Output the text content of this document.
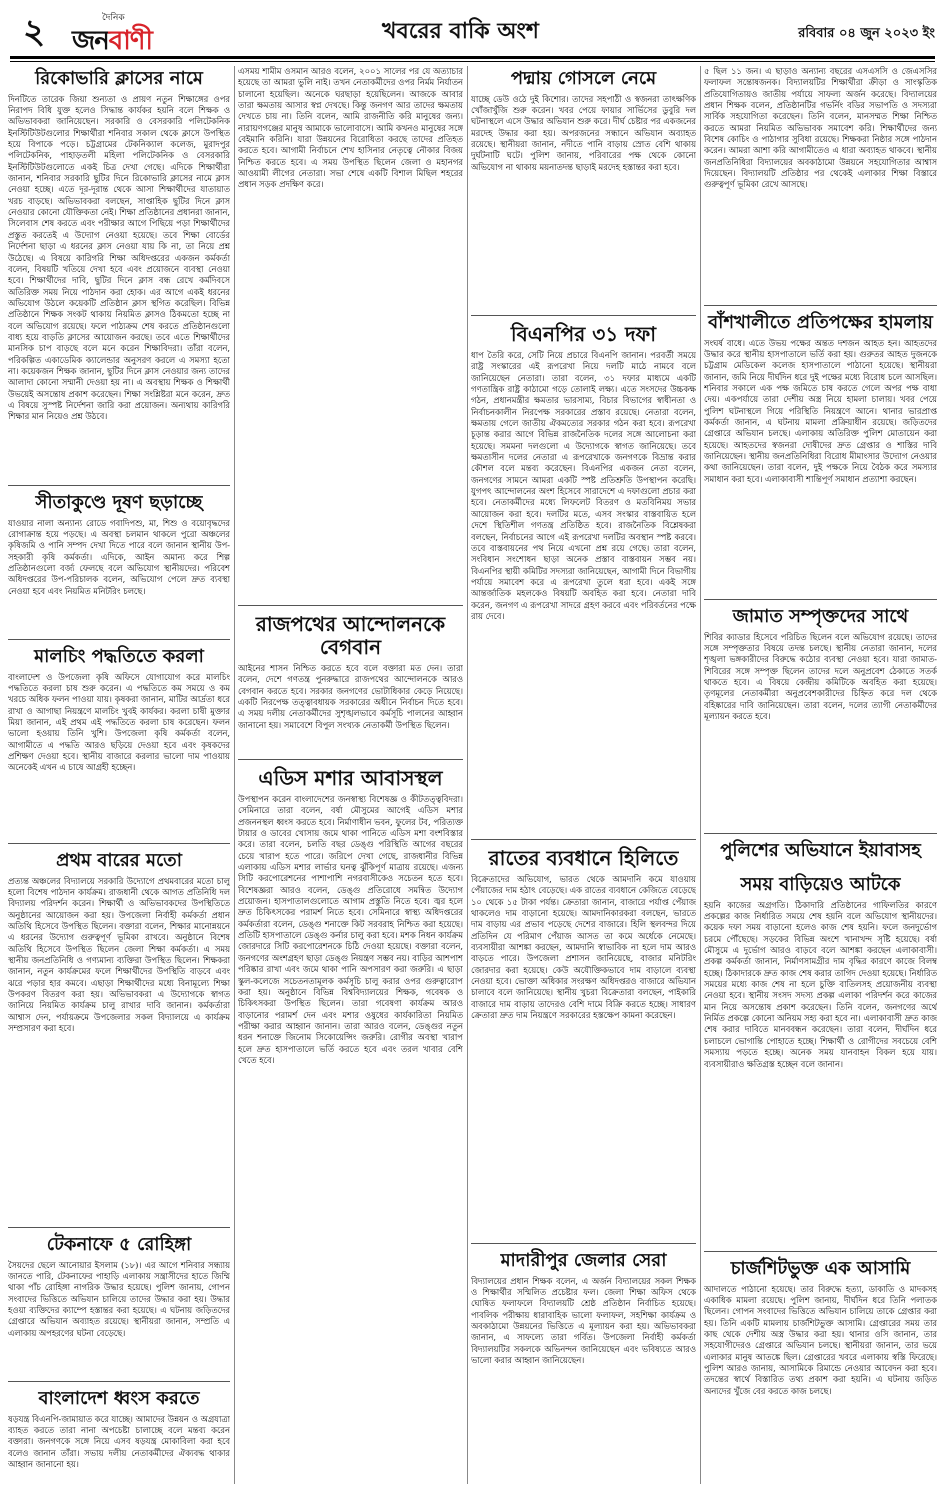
২	দৈনিক
জনবাণী	খবরের বাকি অংশ	রবিবার ০৪ জুন ২০২৩ ইং
রিকোভারি ক্লাসের নামে
দিনটিতে তারেক জিয়া শুন্যতা ও প্রায়ণ নতুন শিক্ষাঙ্গের ওপর নিরাপদ বিধি যুক্ত হলেও সিদ্ধান্ত কার্যকর হয়নি বলে শিক্ষক ও অভিভাবকরা জানিয়েছেন। সরকারি ও বেসরকারি পলিটেকনিক ইনস্টিটিউটগুলোর শিক্ষার্থীরা শনিবার সকাল থেকে ক্লাসে উপস্থিত হয়ে বিপাকে পড়ে। চট্টগ্রামের টেকনিক্যাল কলেজ, মুরাদপুর পলিটেকনিক, পাহাড়তলী মহিলা পলিটেকনিক ও বেসরকারি ইনস্টিটিউটগুলোতে একই চিত্র দেখা গেছে। এদিকে শিক্ষার্থীরা জানান, শনিবার সরকারি ছুটির দিনে রিকোভারি ক্লাসের নামে ক্লাস নেওয়া হচ্ছে। এতে দূর-দূরান্ত থেকে আসা শিক্ষার্থীদের যাতায়াত খরচ বাড়ছে। অভিভাবকরা বলছেন, সাপ্তাহিক ছুটির দিনে ক্লাস নেওয়ার কোনো যৌক্তিকতা নেই। শিক্ষা প্রতিষ্ঠানের প্রধানরা জানান, সিলেবাস শেষ করতে এবং পরীক্ষার আগে পিছিয়ে পড়া শিক্ষার্থীদের প্রস্তুত করতেই এ উদ্যোগ নেওয়া হয়েছে। তবে শিক্ষা বোর্ডের নির্দেশনা ছাড়া এ ধরনের ক্লাস নেওয়া যায় কি না, তা নিয়ে প্রশ্ন উঠেছে। এ বিষয়ে কারিগরি শিক্ষা অধিদপ্তরের একজন কর্মকর্তা বলেন, বিষয়টি খতিয়ে দেখা হবে এবং প্রয়োজনে ব্যবস্থা নেওয়া হবে। শিক্ষার্থীদের দাবি, ছুটির দিনে ক্লাস বন্ধ রেখে কর্মদিবসে অতিরিক্ত সময় নিয়ে পাঠদান করা হোক। এর আগে একই ধরনের অভিযোগ উঠলে কয়েকটি প্রতিষ্ঠান ক্লাস স্থগিত করেছিল। বিভিন্ন প্রতিষ্ঠানে শিক্ষক সংকট থাকায় নিয়মিত ক্লাসও ঠিকমতো হচ্ছে না বলে অভিযোগ রয়েছে। ফলে পাঠ্যক্রম শেষ করতে প্রতিষ্ঠানগুলো বাধ্য হয়ে বাড়তি ক্লাসের আয়োজন করছে। তবে এতে শিক্ষার্থীদের মানসিক চাপ বাড়ছে বলে মনে করেন শিক্ষাবিদরা। তাঁরা বলেন, পরিকল্পিত একাডেমিক ক্যালেন্ডার অনুসরণ করলে এ সমস্যা হতো না। কয়েকজন শিক্ষক জানান, ছুটির দিনে ক্লাস নেওয়ার জন্য তাদের আলাদা কোনো সম্মানী দেওয়া হয় না। এ অবস্থায় শিক্ষক ও শিক্ষার্থী উভয়েই অসন্তোষ প্রকাশ করেছেন। শিক্ষা সংশ্লিষ্টরা মনে করেন, দ্রুত এ বিষয়ে সুস্পষ্ট নির্দেশনা জারি করা প্রয়োজন। অন্যথায় কারিগরি শিক্ষার মান নিয়েও প্রশ্ন উঠবে।
সীতাকুণ্ডে দূষণ ছড়াচ্ছে
যাওয়ার নালা অন্যান্য রোডে গবাদিপশু, মা, শিশু ও বয়োবৃদ্ধদের রোগাক্রান্ত হয়ে পড়ছে। এ অবস্থা চলমান থাকলে পুরো অঞ্চলের কৃষিজমি ও পানি সম্পদ দেখা দিতে পারে বলে জানান স্থানীয় উপ-সহকারী কৃষি কর্মকর্তা। এদিকে, আইন অমান্য করে শিল্প প্রতিষ্ঠানগুলো বর্জ্য ফেলছে বলে অভিযোগ স্থানীয়দের। পরিবেশ অধিদপ্তরের উপ-পরিচালক বলেন, অভিযোগ পেলে দ্রুত ব্যবস্থা নেওয়া হবে এবং নিয়মিত মনিটরিং চলছে।
মালচিং পদ্ধতিতে করলা
বাংলাদেশ ও উপজেলা কৃষি অফিসে যোগাযোগ করে মালচিং পদ্ধতিতে করলা চাষ শুরু করেন। এ পদ্ধতিতে কম সময়ে ও কম খরচে অধিক ফলন পাওয়া যায়। কৃষকরা জানান, মাটির আর্দ্রতা ধরে রাখা ও আগাছা নিয়ন্ত্রণে মালচিং খুবই কার্যকর। করলা চাষী মুক্তার মিয়া জানান, এই প্রথম এই পদ্ধতিতে করলা চাষ করেছেন। ফলন ভালো হওয়ায় তিনি খুশি। উপজেলা কৃষি কর্মকর্তা বলেন, আগামীতে এ পদ্ধতি আরও ছড়িয়ে দেওয়া হবে এবং কৃষকদের প্রশিক্ষণ দেওয়া হবে। স্থানীয় বাজারে করলার ভালো দাম পাওয়ায় অনেকেই এখন এ চাষে আগ্রহী হচ্ছেন।
প্রথম বারের মতো
প্রত্যন্ত অঞ্চলের বিদ্যালয়ে সরকারি উদ্যোগে প্রথমবারের মতো চালু হলো বিশেষ পাঠদান কার্যক্রম। রাজধানী থেকে আগত প্রতিনিধি দল বিদ্যালয় পরিদর্শন করেন। শিক্ষার্থী ও অভিভাবকদের উপস্থিতিতে অনুষ্ঠানের আয়োজন করা হয়। উপজেলা নির্বাহী কর্মকর্তা প্রধান অতিথি হিসেবে উপস্থিত ছিলেন। বক্তারা বলেন, শিক্ষার মানোন্নয়নে এ ধরনের উদ্যোগ গুরুত্বপূর্ণ ভূমিকা রাখবে। অনুষ্ঠানে বিশেষ অতিথি হিসেবে উপস্থিত ছিলেন জেলা শিক্ষা কর্মকর্তা। এ সময় স্থানীয় জনপ্রতিনিধি ও গণ্যমান্য ব্যক্তিরা উপস্থিত ছিলেন। শিক্ষকরা জানান, নতুন কার্যক্রমের ফলে শিক্ষার্থীদের উপস্থিতি বাড়বে এবং ঝরে পড়ার হার কমবে। এছাড়া শিক্ষার্থীদের মধ্যে বিনামূল্যে শিক্ষা উপকরণ বিতরণ করা হয়। অভিভাবকরা এ উদ্যোগকে স্বাগত জানিয়ে নিয়মিত কার্যক্রম চালু রাখার দাবি জানান। কর্মকর্তারা আশ্বাস দেন, পর্যায়ক্রমে উপজেলার সকল বিদ্যালয়ে এ কার্যক্রম সম্প্রসারণ করা হবে।
টেকনাফে ৫ রোহিঙ্গা
সৈয়দের ছেলে আনোয়ার ইসলাম (১৮)। এর আগে শনিবার সন্ধ্যায় জানতে পারি, টেকনাফের পাহাড়ি এলাকায় সন্ত্রাসীদের হাতে জিম্মি থাকা পাঁচ রোহিঙ্গা নাগরিক উদ্ধার হয়েছে। পুলিশ জানায়, গোপন সংবাদের ভিত্তিতে অভিযান চালিয়ে তাদের উদ্ধার করা হয়। উদ্ধার হওয়া ব্যক্তিদের ক্যাম্পে হস্তান্তর করা হয়েছে। এ ঘটনায় জড়িতদের গ্রেপ্তারে অভিযান অব্যাহত রয়েছে। স্থানীয়রা জানান, সম্প্রতি এ এলাকায় অপহরণের ঘটনা বেড়েছে।
বাংলাদেশ ধ্বংস করতে
ষড়যন্ত্র বিএনপি-জামায়াত করে যাচ্ছে। আমাদের উন্নয়ন ও অগ্রযাত্রা ব্যাহত করতে তারা নানা অপচেষ্টা চালাচ্ছে বলে মন্তব্য করেন বক্তারা। জনগণকে সঙ্গে নিয়ে এসব ষড়যন্ত্র মোকাবিলা করা হবে বলেও জানান তাঁরা। সভায় দলীয় নেতাকর্মীদের ঐক্যবদ্ধ থাকার আহ্বান জানানো হয়।
এসময় শামীম ওসমান আরও বলেন, ২০০১ সালের পর যে অত্যাচার হয়েছে তা আমরা ভুলি নাই। তখন নেতাকর্মীদের ওপর নির্মম নির্যাতন চালানো হয়েছিল। অনেকে ঘরছাড়া হয়েছিলেন। আজকে আবার তারা ক্ষমতায় আসার স্বপ্ন দেখছে। কিন্তু জনগণ আর তাদের ক্ষমতায় দেখতে চায় না। তিনি বলেন, আমি রাজনীতি করি মানুষের জন্য। নারায়ণগঞ্জের মানুষ আমাকে ভালোবাসে। আমি কখনও মানুষের সঙ্গে বেইমানি করিনি। যারা উন্নয়নের বিরোধিতা করছে তাদের প্রতিহত করতে হবে। আগামী নির্বাচনে শেখ হাসিনার নেতৃত্বে নৌকার বিজয় নিশ্চিত করতে হবে। এ সময় উপস্থিত ছিলেন জেলা ও মহানগর আওয়ামী লীগের নেতারা। সভা শেষে একটি বিশাল মিছিল শহরের প্রধান সড়ক প্রদক্ষিণ করে।
রাজপথের আন্দোলনকে বেগবান
আইনের শাসন নিশ্চিত করতে হবে বলে বক্তারা মত দেন। তারা বলেন, দেশে গণতন্ত্র পুনরুদ্ধারে রাজপথের আন্দোলনকে আরও বেগবান করতে হবে। সরকার জনগণের ভোটাধিকার কেড়ে নিয়েছে। একটি নিরপেক্ষ তত্ত্বাবধায়ক সরকারের অধীনে নির্বাচন দিতে হবে। এ সময় দলীয় নেতাকর্মীদের সুশৃঙ্খলভাবে কর্মসূচি পালনের আহ্বান জানানো হয়। সমাবেশে বিপুল সংখ্যক নেতাকর্মী উপস্থিত ছিলেন।
এডিস মশার আবাসস্থল
উপস্থাপন করেন বাংলাদেশের জনস্বাস্থ্য বিশেষজ্ঞ ও কীটতত্ত্ববিদরা। সেমিনারে তারা বলেন, বর্ষা মৌসুমের আগেই এডিস মশার প্রজননস্থল ধ্বংস করতে হবে। নির্মাণাধীন ভবন, ফুলের টব, পরিত্যক্ত টায়ার ও ডাবের খোসায় জমে থাকা পানিতে এডিস মশা বংশবিস্তার করে। তারা বলেন, চলতি বছর ডেঙ্গু পরিস্থিতি আগের বছরের চেয়ে খারাপ হতে পারে। জরিপে দেখা গেছে, রাজধানীর বিভিন্ন এলাকায় এডিস মশার লার্ভার ঘনত্ব ঝুঁকিপূর্ণ মাত্রায় রয়েছে। এজন্য সিটি করপোরেশনের পাশাপাশি নগরবাসীকেও সচেতন হতে হবে। বিশেষজ্ঞরা আরও বলেন, ডেঙ্গু প্রতিরোধে সমন্বিত উদ্যোগ প্রয়োজন। হাসপাতালগুলোতে আগাম প্রস্তুতি নিতে হবে। জ্বর হলে দ্রুত চিকিৎসকের পরামর্শ নিতে হবে। সেমিনারে স্বাস্থ্য অধিদপ্তরের কর্মকর্তারা বলেন, ডেঙ্গু শনাক্তে কিট সরবরাহ নিশ্চিত করা হয়েছে। প্রতিটি হাসপাতালে ডেঙ্গু কর্নার চালু করা হবে। মশক নিধন কার্যক্রম জোরদারে সিটি করপোরেশনকে চিঠি দেওয়া হয়েছে। বক্তারা বলেন, জনগণের অংশগ্রহণ ছাড়া ডেঙ্গু নিয়ন্ত্রণ সম্ভব নয়। বাড়ির আশপাশ পরিষ্কার রাখা এবং জমে থাকা পানি অপসারণ করা জরুরি। এ ছাড়া স্কুল-কলেজে সচেতনতামূলক কর্মসূচি চালু করার ওপর গুরুত্বারোপ করা হয়। অনুষ্ঠানে বিভিন্ন বিশ্ববিদ্যালয়ের শিক্ষক, গবেষক ও চিকিৎসকরা উপস্থিত ছিলেন। তারা গবেষণা কার্যক্রম আরও বাড়ানোর পরামর্শ দেন এবং মশার ওষুধের কার্যকারিতা নিয়মিত পরীক্ষা করার আহ্বান জানান। তারা আরও বলেন, ডেঙ্গুর নতুন ধরন শনাক্তে জিনোম সিকোয়েন্সিং জরুরি। রোগীর অবস্থা খারাপ হলে দ্রুত হাসপাতালে ভর্তি করতে হবে এবং তরল খাবার বেশি খেতে হবে।
পদ্মায় গোসলে নেমে
যাচ্ছে ডেউ ওঠে দুই কিশোর। তাদের সহপাঠী ও স্বজনরা তাৎক্ষণিক খোঁজাখুঁজি শুরু করেন। খবর পেয়ে ফায়ার সার্ভিসের ডুবুরি দল ঘটনাস্থলে এসে উদ্ধার অভিযান শুরু করে। দীর্ঘ চেষ্টার পর একজনের মরদেহ উদ্ধার করা হয়। অপরজনের সন্ধানে অভিযান অব্যাহত রয়েছে। স্থানীয়রা জানান, নদীতে পানি বাড়ায় স্রোত বেশি থাকায় দুর্ঘটনাটি ঘটে। পুলিশ জানায়, পরিবারের পক্ষ থেকে কোনো অভিযোগ না থাকায় ময়নাতদন্ত ছাড়াই মরদেহ হস্তান্তর করা হবে।
বিএনপির ৩১ দফা
ধাপ তৈরি করে, সেটি নিয়ে প্রচারে বিএনপি জানান। পরবর্তী সময়ে রাষ্ট্র সংস্কারের এই রূপরেখা নিয়ে দলটি মাঠে নামবে বলে জানিয়েছেন নেতারা। তারা বলেন, ৩১ দফার মাধ্যমে একটি গণতান্ত্রিক রাষ্ট্র কাঠামো গড়ে তোলাই লক্ষ্য। এতে সংসদের উচ্চকক্ষ গঠন, প্রধানমন্ত্রীর ক্ষমতার ভারসাম্য, বিচার বিভাগের স্বাধীনতা ও নির্বাচনকালীন নিরপেক্ষ সরকারের প্রস্তাব রয়েছে। নেতারা বলেন, ক্ষমতায় গেলে জাতীয় ঐকমত্যের সরকার গঠন করা হবে। রূপরেখা চূড়ান্ত করার আগে বিভিন্ন রাজনৈতিক দলের সঙ্গে আলোচনা করা হয়েছে। সমমনা দলগুলো এ উদ্যোগকে স্বাগত জানিয়েছে। তবে ক্ষমতাসীন দলের নেতারা এ রূপরেখাকে জনগণকে বিভ্রান্ত করার কৌশল বলে মন্তব্য করেছেন। বিএনপির একজন নেতা বলেন, জনগণের সামনে আমরা একটি স্পষ্ট প্রতিশ্রুতি উপস্থাপন করেছি। যুগপৎ আন্দোলনের অংশ হিসেবে সারাদেশে এ দফাগুলো প্রচার করা হবে। নেতাকর্মীদের মধ্যে লিফলেট বিতরণ ও মতবিনিময় সভার আয়োজন করা হবে। দলটির মতে, এসব সংস্কার বাস্তবায়িত হলে দেশে স্থিতিশীল গণতন্ত্র প্রতিষ্ঠিত হবে। রাজনৈতিক বিশ্লেষকরা বলছেন, নির্বাচনের আগে এই রূপরেখা দলটির অবস্থান স্পষ্ট করবে। তবে বাস্তবায়নের পথ নিয়ে এখনো প্রশ্ন রয়ে গেছে। তারা বলেন, সংবিধান সংশোধন ছাড়া অনেক প্রস্তাব বাস্তবায়ন সম্ভব নয়। বিএনপির স্থায়ী কমিটির সদস্যরা জানিয়েছেন, আগামী দিনে বিভাগীয় পর্যায়ে সমাবেশ করে এ রূপরেখা তুলে ধরা হবে। একই সঙ্গে আন্তর্জাতিক মহলকেও বিষয়টি অবহিত করা হবে। নেতারা দাবি করেন, জনগণ এ রূপরেখা সাদরে গ্রহণ করবে এবং পরিবর্তনের পক্ষে রায় দেবে।
রাতের ব্যবধানে হিলিতে
বিক্রেতাদের অভিযোগ, ভারত থেকে আমদানি কমে যাওয়ায় পেঁয়াজের দাম হঠাৎ বেড়েছে। এক রাতের ব্যবধানে কেজিতে বেড়েছে ১০ থেকে ১৫ টাকা পর্যন্ত। ক্রেতারা জানান, বাজারে পর্যাপ্ত পেঁয়াজ থাকলেও দাম বাড়ানো হয়েছে। আমদানিকারকরা বলছেন, ভারতে দাম বাড়ায় এর প্রভাব পড়েছে দেশের বাজারে। হিলি স্থলবন্দর দিয়ে প্রতিদিন যে পরিমাণ পেঁয়াজ আসত তা কমে অর্ধেকে নেমেছে। ব্যবসায়ীরা আশঙ্কা করছেন, আমদানি স্বাভাবিক না হলে দাম আরও বাড়তে পারে। উপজেলা প্রশাসন জানিয়েছে, বাজার মনিটরিং জোরদার করা হয়েছে। কেউ অযৌক্তিকভাবে দাম বাড়ালে ব্যবস্থা নেওয়া হবে। ভোক্তা অধিকার সংরক্ষণ অধিদপ্তরও বাজারে অভিযান চালাবে বলে জানিয়েছে। স্থানীয় খুচরা বিক্রেতারা বলছেন, পাইকারি বাজারে দাম বাড়ায় তাদেরও বেশি দামে বিক্রি করতে হচ্ছে। সাধারণ ক্রেতারা দ্রুত দাম নিয়ন্ত্রণে সরকারের হস্তক্ষেপ কামনা করেছেন।
মাদারীপুর জেলার সেরা
বিদ্যালয়ের প্রধান শিক্ষক বলেন, এ অর্জন বিদ্যালয়ের সকল শিক্ষক ও শিক্ষার্থীর সম্মিলিত প্রচেষ্টার ফল। জেলা শিক্ষা অফিস থেকে ঘোষিত ফলাফলে বিদ্যালয়টি শ্রেষ্ঠ প্রতিষ্ঠান নির্বাচিত হয়েছে। পাবলিক পরীক্ষায় ধারাবাহিক ভালো ফলাফল, সহশিক্ষা কার্যক্রম ও অবকাঠামো উন্নয়নের ভিত্তিতে এ মূল্যায়ন করা হয়। অভিভাবকরা জানান, এ সাফল্যে তারা গর্বিত। উপজেলা নির্বাহী কর্মকর্তা বিদ্যালয়টির সকলকে অভিনন্দন জানিয়েছেন এবং ভবিষ্যতে আরও ভালো করার আহ্বান জানিয়েছেন।
৫ ছিল ১১ জন। এ ছাড়াও অন্যান্য বছরের এসএসসি ও জেএসসির ফলাফল সন্তোষজনক। বিদ্যালয়টির শিক্ষার্থীরা ক্রীড়া ও সাংস্কৃতিক প্রতিযোগিতায়ও জাতীয় পর্যায়ে সাফল্য অর্জন করেছে। বিদ্যালয়ের প্রধান শিক্ষক বলেন, প্রতিষ্ঠানটির গভর্নিং বডির সভাপতি ও সদস্যরা সার্বিক সহযোগিতা করেছেন। তিনি বলেন, মানসম্মত শিক্ষা নিশ্চিত করতে আমরা নিয়মিত অভিভাবক সমাবেশ করি। শিক্ষার্থীদের জন্য বিশেষ কোচিং ও পাঠাগার সুবিধা রয়েছে। শিক্ষকরা নিষ্ঠার সঙ্গে পাঠদান করেন। আমরা আশা করি আগামীতেও এ ধারা অব্যাহত থাকবে। স্থানীয় জনপ্রতিনিধিরা বিদ্যালয়ের অবকাঠামো উন্নয়নে সহযোগিতার আশ্বাস দিয়েছেন। বিদ্যালয়টি প্রতিষ্ঠার পর থেকেই এলাকার শিক্ষা বিস্তারে গুরুত্বপূর্ণ ভূমিকা রেখে আসছে।
বাঁশখালীতে প্রতিপক্ষের হামলায়
সংঘর্ষ বাধে। এতে উভয় পক্ষের অন্তত দশজন আহত হন। আহতদের উদ্ধার করে স্থানীয় হাসপাতালে ভর্তি করা হয়। গুরুতর আহত দুজনকে চট্টগ্রাম মেডিকেল কলেজ হাসপাতালে পাঠানো হয়েছে। স্থানীয়রা জানান, জমি নিয়ে দীর্ঘদিন ধরে দুই পক্ষের মধ্যে বিরোধ চলে আসছিল। শনিবার সকালে এক পক্ষ জমিতে চাষ করতে গেলে অপর পক্ষ বাধা দেয়। একপর্যায়ে তারা দেশীয় অস্ত্র নিয়ে হামলা চালায়। খবর পেয়ে পুলিশ ঘটনাস্থলে গিয়ে পরিস্থিতি নিয়ন্ত্রণে আনে। থানার ভারপ্রাপ্ত কর্মকর্তা জানান, এ ঘটনায় মামলা প্রক্রিয়াধীন রয়েছে। জড়িতদের গ্রেপ্তারে অভিযান চলছে। এলাকায় অতিরিক্ত পুলিশ মোতায়েন করা হয়েছে। আহতদের স্বজনরা দোষীদের দ্রুত গ্রেপ্তার ও শাস্তির দাবি জানিয়েছেন। স্থানীয় জনপ্রতিনিধিরা বিরোধ মীমাংসার উদ্যোগ নেওয়ার কথা জানিয়েছেন। তারা বলেন, দুই পক্ষকে নিয়ে বৈঠক করে সমস্যার সমাধান করা হবে। এলাকাবাসী শান্তিপূর্ণ সমাধান প্রত্যাশা করছেন।
জামাত সম্পৃক্তদের সাথে
শিবির ক্যাডার হিসেবে পরিচিত ছিলেন বলে অভিযোগ রয়েছে। তাদের সঙ্গে সম্পৃক্ততার বিষয়ে তদন্ত চলছে। স্থানীয় নেতারা জানান, দলের শৃঙ্খলা ভঙ্গকারীদের বিরুদ্ধে কঠোর ব্যবস্থা নেওয়া হবে। যারা জামাত-শিবিরের সঙ্গে সম্পৃক্ত ছিলেন তাদের দলে অনুপ্রবেশ ঠেকাতে সতর্ক থাকতে হবে। এ বিষয়ে কেন্দ্রীয় কমিটিকে অবহিত করা হয়েছে। তৃণমূলের নেতাকর্মীরা অনুপ্রবেশকারীদের চিহ্নিত করে দল থেকে বহিষ্কারের দাবি জানিয়েছেন। তারা বলেন, দলের ত্যাগী নেতাকর্মীদের মূল্যায়ন করতে হবে।
পুলিশের অভিযানে ইয়াবাসহ
সময় বাড়িয়েও আটকে
হয়নি কাজের অগ্রগতি। ঠিকাদারি প্রতিষ্ঠানের গাফিলতির কারণে প্রকল্পের কাজ নির্ধারিত সময়ে শেষ হয়নি বলে অভিযোগ স্থানীয়দের। কয়েক দফা সময় বাড়ানো হলেও কাজ শেষ হয়নি। ফলে জনদুর্ভোগ চরমে পৌঁছেছে। সড়কের বিভিন্ন অংশে খানাখন্দ সৃষ্টি হয়েছে। বর্ষা মৌসুমে এ দুর্ভোগ আরও বাড়বে বলে আশঙ্কা করছেন এলাকাবাসী। প্রকল্প কর্মকর্তা জানান, নির্মাণসামগ্রীর দাম বৃদ্ধির কারণে কাজে বিলম্ব হচ্ছে। ঠিকাদারকে দ্রুত কাজ শেষ করার তাগিদ দেওয়া হয়েছে। নির্ধারিত সময়ের মধ্যে কাজ শেষ না হলে চুক্তি বাতিলসহ প্রয়োজনীয় ব্যবস্থা নেওয়া হবে। স্থানীয় সংসদ সদস্য প্রকল্প এলাকা পরিদর্শন করে কাজের মান নিয়ে অসন্তোষ প্রকাশ করেছেন। তিনি বলেন, জনগণের অর্থে নির্মিত প্রকল্পে কোনো অনিয়ম সহ্য করা হবে না। এলাকাবাসী দ্রুত কাজ শেষ করার দাবিতে মানববন্ধন করেছেন। তারা বলেন, দীর্ঘদিন ধরে চলাচলে ভোগান্তি পোহাতে হচ্ছে। শিক্ষার্থী ও রোগীদের সবচেয়ে বেশি সমস্যায় পড়তে হচ্ছে। অনেক সময় যানবাহন বিকল হয়ে যায়। ব্যবসায়ীরাও ক্ষতিগ্রস্ত হচ্ছেন বলে জানান।
চার্জশিটভুক্ত এক আসামি
আদালতে পাঠানো হয়েছে। তার বিরুদ্ধে হত্যা, ডাকাতি ও মাদকসহ একাধিক মামলা রয়েছে। পুলিশ জানায়, দীর্ঘদিন ধরে তিনি পলাতক ছিলেন। গোপন সংবাদের ভিত্তিতে অভিযান চালিয়ে তাকে গ্রেপ্তার করা হয়। তিনি একটি মামলায় চার্জশিটভুক্ত আসামি। গ্রেপ্তারের সময় তার কাছ থেকে দেশীয় অস্ত্র উদ্ধার করা হয়। থানার ওসি জানান, তার সহযোগীদেরও গ্রেপ্তারে অভিযান চলছে। স্থানীয়রা জানান, তার ভয়ে এলাকার মানুষ আতঙ্কে ছিল। গ্রেপ্তারের খবরে এলাকায় স্বস্তি ফিরেছে। পুলিশ আরও জানায়, আসামিকে রিমান্ডে নেওয়ার আবেদন করা হবে। তদন্তের স্বার্থে বিস্তারিত তথ্য প্রকাশ করা হয়নি। এ ঘটনায় জড়িত অন্যদের খুঁজে বের করতে কাজ চলছে।
